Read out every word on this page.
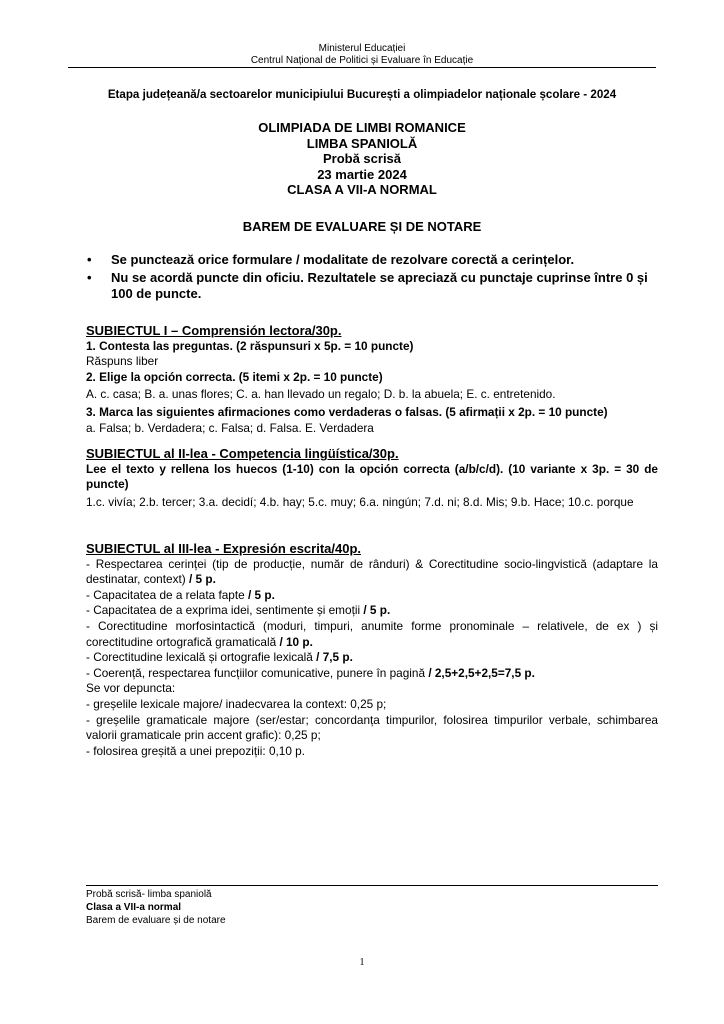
Ministerul Educației
Centrul Național de Politici și Evaluare în Educație
Etapa județeană/a sectoarelor municipiului București a olimpiadelor naționale școlare - 2024
OLIMPIADA DE LIMBI ROMANICE
LIMBA SPANIOLĂ
Probă scrisă
23 martie 2024
CLASA A VII-A NORMAL
BAREM DE EVALUARE ȘI DE NOTARE
• Se punctează orice formulare / modalitate de rezolvare corectă a cerințelor.
• Nu se acordă puncte din oficiu. Rezultatele se apreciază cu punctaje cuprinse între 0 și 100 de puncte.
SUBIECTUL I – Comprensión lectora/30p.
1. Contesta las preguntas. (2 răspunsuri x 5p. = 10 puncte)
Răspuns liber
2. Elige la opción correcta. (5 itemi x 2p. = 10 puncte)
A. c. casa; B. a. unas flores; C. a. han llevado un regalo; D. b. la abuela; E. c. entretenido.
3. Marca las siguientes afirmaciones como verdaderas o falsas. (5 afirmații x 2p. = 10 puncte)
a. Falsa; b. Verdadera; c. Falsa; d. Falsa. E. Verdadera
SUBIECTUL al II-lea - Competencia lingüística/30p.
Lee el texto y rellena los huecos (1-10) con la opción correcta (a/b/c/d). (10 variante x 3p. = 30 de puncte)
1.c. vivía; 2.b. tercer; 3.a. decidí; 4.b. hay; 5.c. muy; 6.a. ningún; 7.d. ni; 8.d. Mis; 9.b. Hace; 10.c. porque
SUBIECTUL al III-lea - Expresión escrita/40p.
- Respectarea cerinței (tip de producție, număr de rânduri) & Corectitudine socio-lingvistică (adaptare la destinatar, context) / 5 p.
- Capacitatea de a relata fapte / 5 p.
- Capacitatea de a exprima idei, sentimente și emoții / 5 p.
- Corectitudine morfosintactică (moduri, timpuri, anumite forme pronominale – relativele, de ex ) și corectitudine ortografică gramaticală / 10 p.
- Corectitudine lexicală și ortografie lexicală / 7,5 p.
- Coerență, respectarea funcțiilor comunicative, punere în pagină / 2,5+2,5+2,5=7,5 p.
Se vor depuncta:
- greșelile lexicale majore/ inadecvarea la context: 0,25 p;
- greșelile gramaticale majore (ser/estar; concordanța timpurilor, folosirea timpurilor verbale, schimbarea valorii gramaticale prin accent grafic): 0,25 p;
- folosirea greșită a unei prepoziții: 0,10 p.
Probă scrisă- limba spaniolă
Clasa a VII-a normal
Barem de evaluare și de notare
1
